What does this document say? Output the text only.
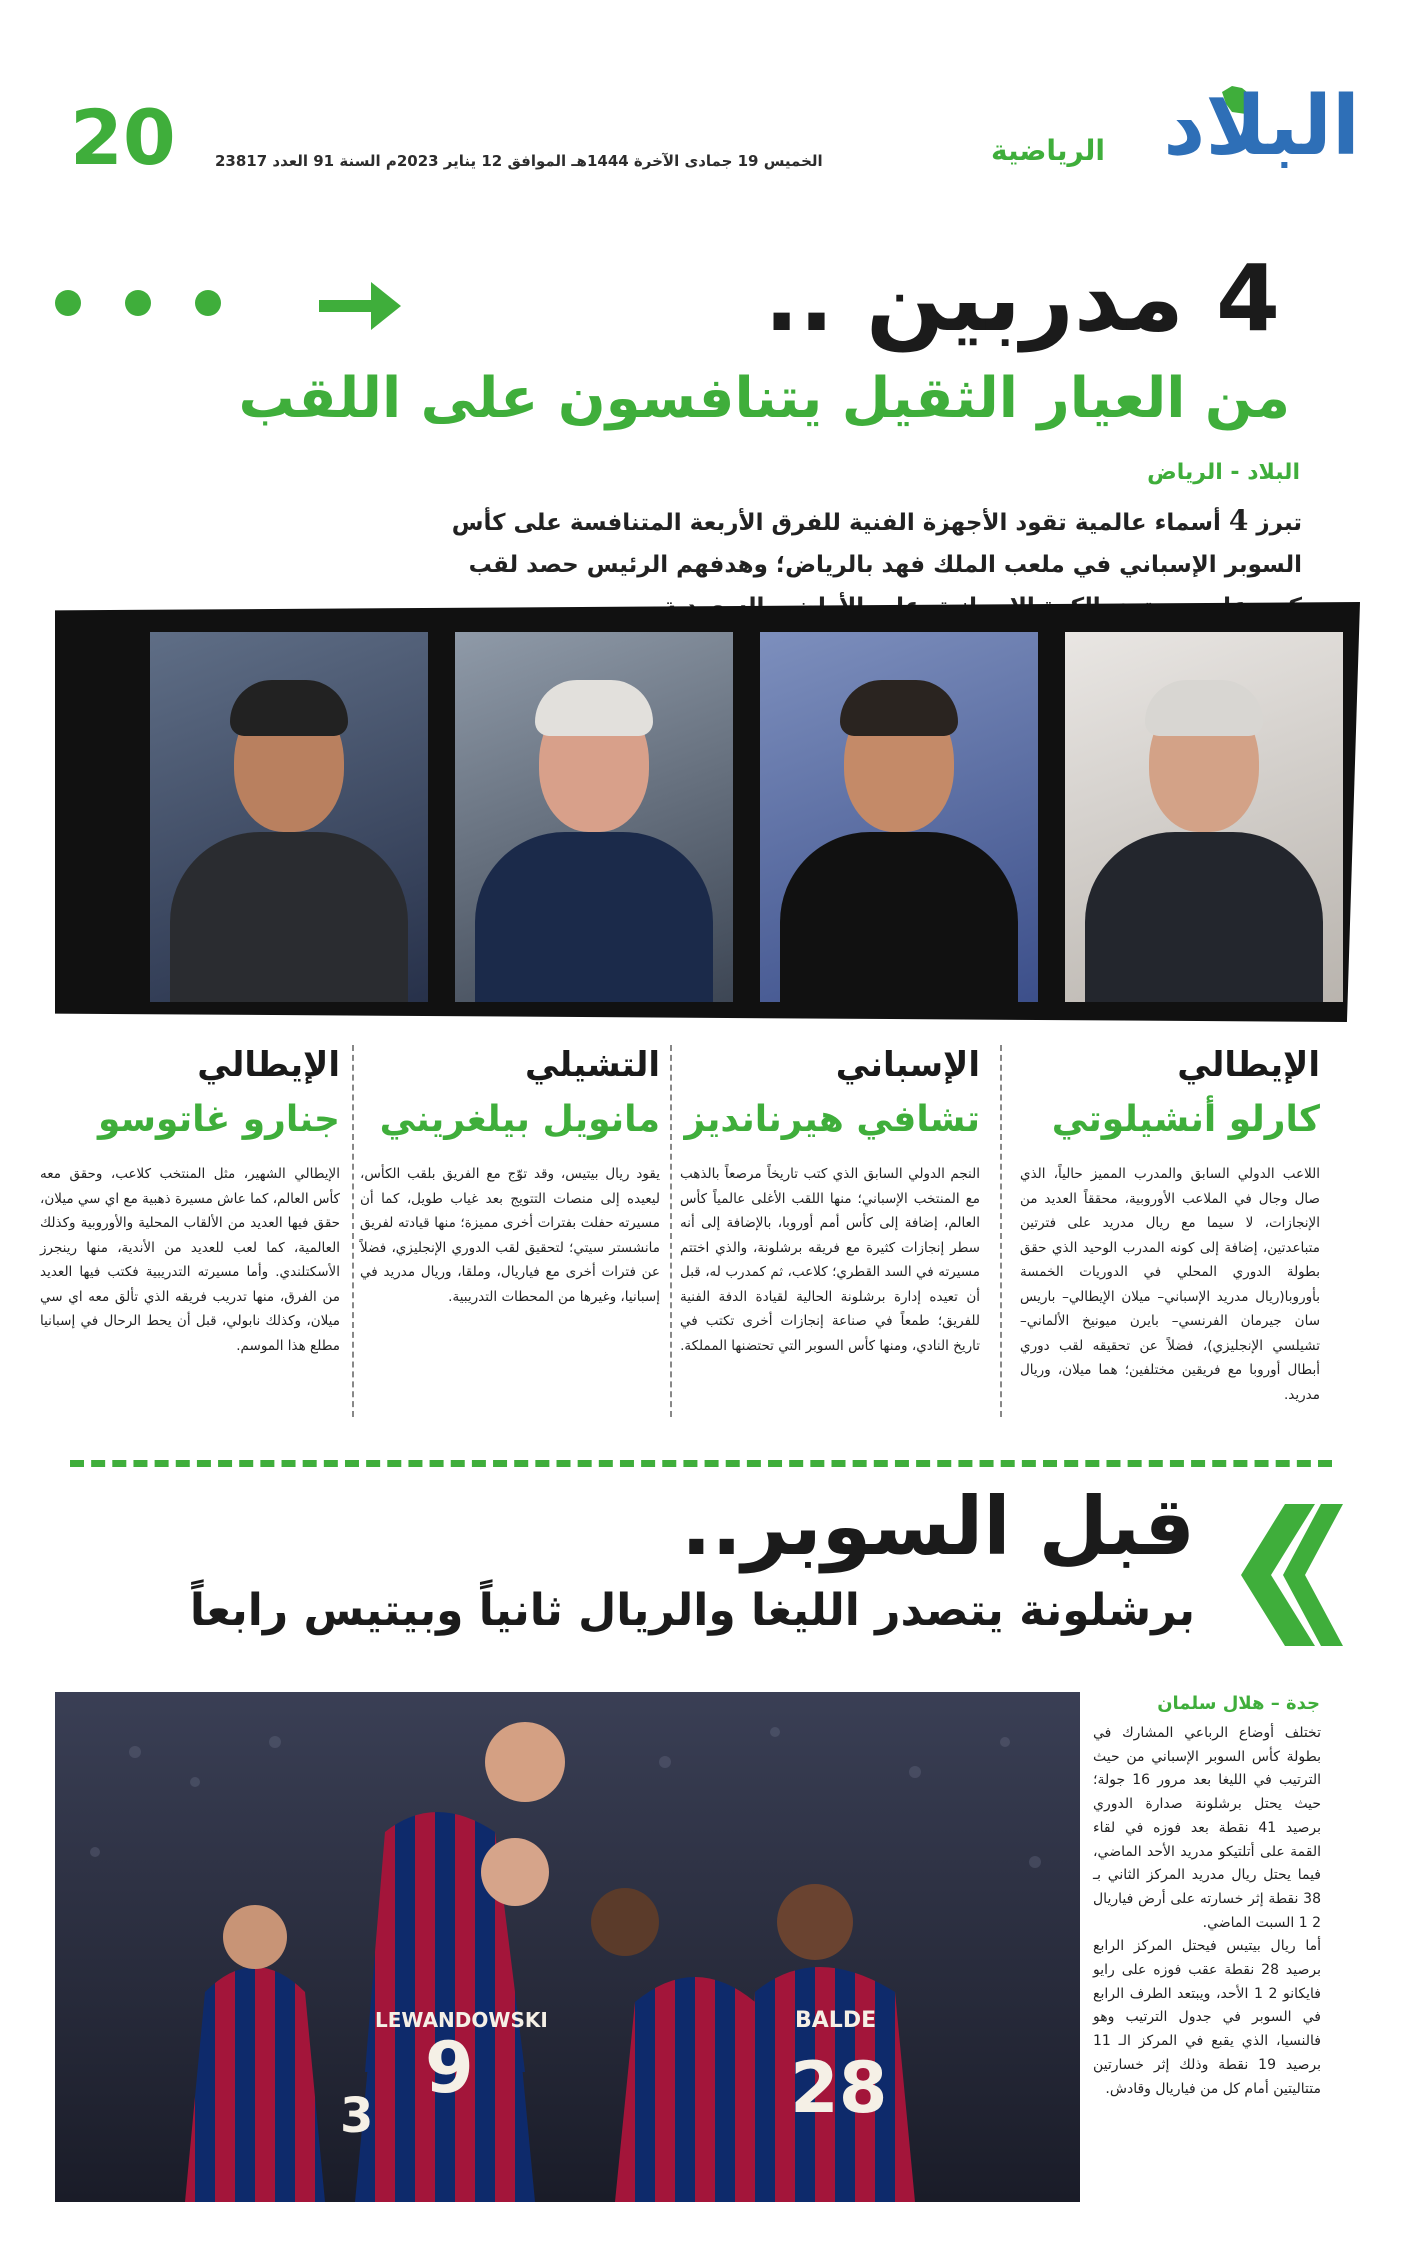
20	الخميس 19 جمادى الآخرة 1444هـ الموافق 12 يناير 2023م السنة 91 العدد 23817	الرياضية البلاد
4 مدربين ..
من العيار الثقيل يتنافسون على اللقب
البلاد - الرياض
تبرز 4 أسماء عالمية تقود الأجهزة الفنية للفرق الأربعة المتنافسة على كأس السوبر الإسباني في ملعب الملك فهد بالرياض؛ وهدفهم الرئيس حصد لقب
الإيطالي
كارلو أنشيلوتي
اللاعب الدولي السابق والمدرب المميز حالياً، الذي صال وجال في الملاعب الأوروبية، محققاً العديد من الإنجازات، لا سيما مع ريال مدريد على فترتين متباعدتين، إضافة إلى كونه المدرب الوحيد الذي حقق بطولة الدوري المحلي في الدوريات الخمسة بأوروبا(ريال مدريد الإسباني– ميلان الإيطالي– باريس سان جيرمان الفرنسي– بايرن ميونيخ الألماني– تشيلسي الإنجليزي)، فضلاً عن تحقيقه لقب دوري أبطال أوروبا مع فريقين مختلفين؛ هما ميلان، وريال مدريد.
الإسباني
تشافي هيرنانديز
النجم الدولي السابق الذي كتب تاريخاً مرصعاً بالذهب مع المنتخب الإسباني؛ منها اللقب الأغلى عالمياً كأس العالم، إضافة إلى كأس أمم أوروبا، بالإضافة إلى أنه سطر إنجازات كثيرة مع فريقه برشلونة، والذي اختتم مسيرته في السد القطري؛ كلاعب، ثم كمدرب له، قبل أن تعيده إدارة برشلونة الحالية لقيادة الدفة الفنية للفريق؛ طمعاً في صناعة إنجازات أخرى تكتب في تاريخ النادي، ومنها كأس السوبر التي تحتضنها المملكة.
التشيلي
مانويل بيلغريني
يقود ريال بيتيس، وقد توّج مع الفريق بلقب الكأس، ليعيده إلى منصات التتويج بعد غياب طويل، كما أن مسيرته حفلت بفترات أخرى مميزة؛ منها قيادته لفريق مانشستر سيتي؛ لتحقيق لقب الدوري الإنجليزي، فضلاً عن فترات أخرى مع فياريال، وملقا، وريال مدريد في إسبانيا، وغيرها من المحطات التدريبية.
الإيطالي
جنارو غاتوسو
الإيطالي الشهير، مثل المنتخب كلاعب، وحقق معه كأس العالم، كما عاش مسيرة ذهبية مع اي سي ميلان، حقق فيها العديد من الألقاب المحلية والأوروبية وكذلك العالمية، كما لعب للعديد من الأندية، منها رينجرز الأسكتلندي. وأما مسيرته التدريبية فكتب فيها العديد من الفرق، منها تدريب فريقه الذي تألق معه اي سي ميلان، وكذلك نابولي، قبل أن يحط الرحال في إسبانيا مطلع هذا الموسم.
قبل السوبر..
برشلونة يتصدر الليغا والريال ثانياً وبيتيس رابعاً
9	28
3
LEWANDOWSKI	BALDE
جدة – هلال سلمان

تختلف أوضاع الرباعي المشارك في بطولة كأس السوبر الإسباني من حيث الترتيب في الليغا بعد مرور 16 جولة؛ حيث يحتل برشلونة صدارة الدوري برصيد 41 نقطة بعد فوزه في لقاء القمة على أتلتيكو مدريد الأحد الماضي، فيما يحتل ريال مدريد المركز الثاني بـ 38 نقطة إثر خسارته على أرض فياريال 2 1 السبت الماضي.

أما ريال بيتيس فيحتل المركز الرابع برصيد 28 نقطة عقب فوزه على رايو فايكانو 2 1 الأحد، ويبتعد الطرف الرابع في السوبر في جدول الترتيب وهو فالنسيا، الذي يقبع في المركز الـ 11 برصيد 19 نقطة وذلك إثر خسارتين متتاليتين أمام كل من فياريال وقادش.
